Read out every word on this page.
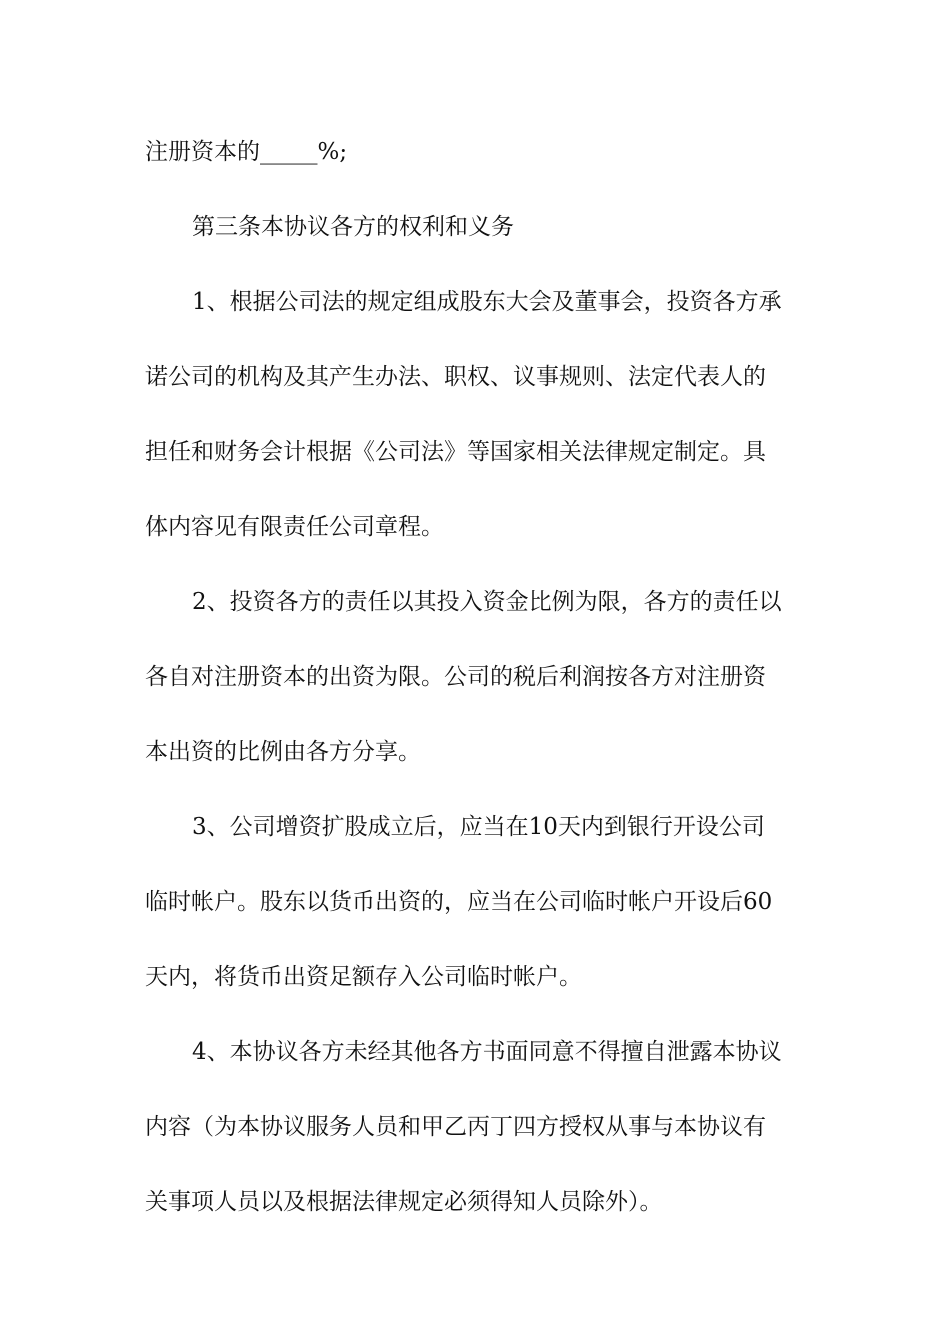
注册资本的_____%;

第三条本协议各方的权利和义务

1、根据公司法的规定组成股东大会及董事会，投资各方承

诺公司的机构及其产生办法、职权、议事规则、法定代表人的

担任和财务会计根据《公司法》等国家相关法律规定制定。具

体内容见有限责任公司章程。

2、投资各方的责任以其投入资金比例为限，各方的责任以

各自对注册资本的出资为限。公司的税后利润按各方对注册资

本出资的比例由各方分享。

3、公司增资扩股成立后，应当在10天内到银行开设公司

临时帐户。股东以货币出资的，应当在公司临时帐户开设后60

天内，将货币出资足额存入公司临时帐户。

4、本协议各方未经其他各方书面同意不得擅自泄露本协议

内容（为本协议服务人员和甲乙丙丁四方授权从事与本协议有

关事项人员以及根据法律规定必须得知人员除外）。
